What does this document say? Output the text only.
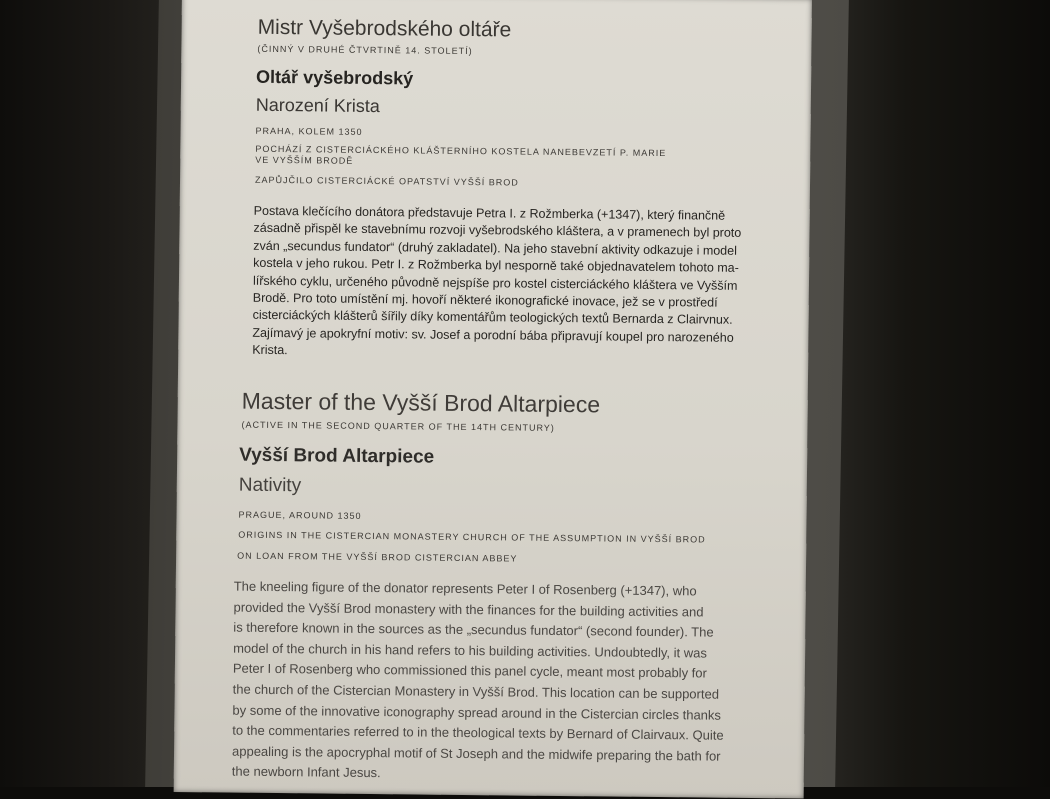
Mistr Vyšebrodského oltáře
(ČINNÝ V DRUHÉ ČTVRTINĚ 14. STOLETÍ)
Oltář vyšebrodský
Narození Krista
PRAHA, KOLEM 1350
POCHÁZÍ Z CISTERCIÁCKÉHO KLÁŠTERNÍHO KOSTELA NANEBEVZETÍ P. MARIE
VE VYŠŠÍM BRODĚ
ZAPŮJČILO CISTERCIÁCKÉ OPATSTVÍ VYŠŠÍ BROD
Postava klečícího donátora představuje Petra I. z Rožmberka (+1347), který finančně
zásadně přispěl ke stavebnímu rozvoji vyšebrodského kláštera, a v pramenech byl proto
zván „secundus fundator“ (druhý zakladatel). Na jeho stavební aktivity odkazuje i model
kostela v jeho rukou. Petr I. z Rožmberka byl nesporně také objednavatelem tohoto ma-
lířského cyklu, určeného původně nejspíše pro kostel cisterciáckého kláštera ve Vyšším
Brodě. Pro toto umístění mj. hovoří některé ikonografické inovace, jež se v prostředí
cisterciáckých klášterů šířily díky komentářům teologických textů Bernarda z Clairvnux.
Zajímavý je apokryfní motiv: sv. Josef a porodní bába připravují koupel pro narozeného
Krista.
Master of the Vyšší Brod Altarpiece
(ACTIVE IN THE SECOND QUARTER OF THE 14TH CENTURY)
Vyšší Brod Altarpiece
Nativity
PRAGUE, AROUND 1350
ORIGINS IN THE CISTERCIAN MONASTERY CHURCH OF THE ASSUMPTION IN VYŠŠÍ BROD
ON LOAN FROM THE VYŠŠÍ BROD CISTERCIAN ABBEY
The kneeling figure of the donator represents Peter I of Rosenberg (+1347), who
provided the Vyšší Brod monastery with the finances for the building activities and
is therefore known in the sources as the „secundus fundator“ (second founder). The
model of the church in his hand refers to his building activities. Undoubtedly, it was
Peter I of Rosenberg who commissioned this panel cycle, meant most probably for
the church of the Cistercian Monastery in Vyšší Brod. This location can be supported
by some of the innovative iconography spread around in the Cistercian circles thanks
to the commentaries referred to in the theological texts by Bernard of Clairvaux. Quite
appealing is the apocryphal motif of St Joseph and the midwife preparing the bath for
the newborn Infant Jesus.
